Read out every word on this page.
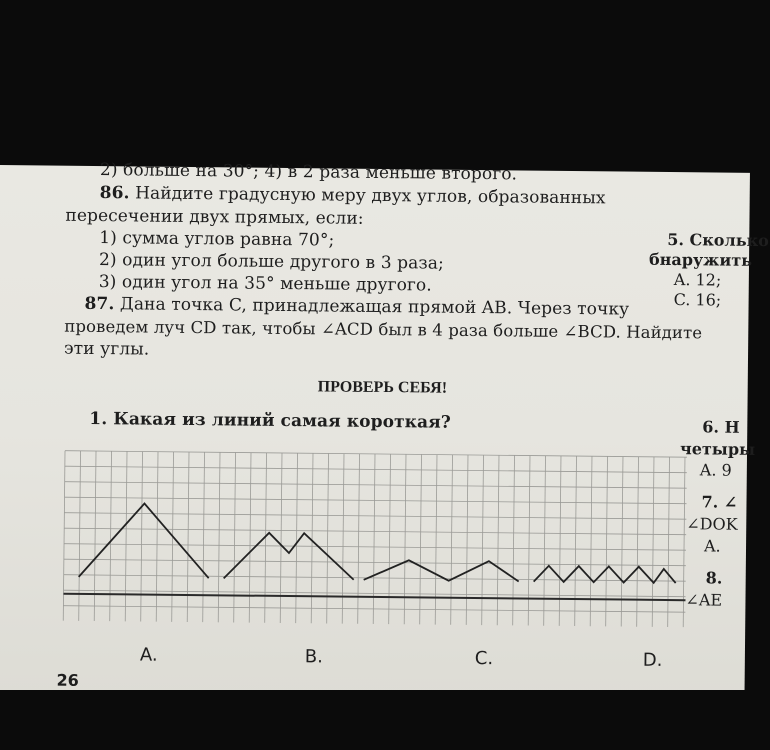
2) больше на 30°; 4) в 2 раза меньше второго.
86. Найдите градусную меру двух углов, образованных
пересечении двух прямых, если:
1) сумма углов равна 70°;
2) один угол больше другого в 3 раза;
3) один угол на 35° меньше другого.
87. Дана точка C, принадлежащая прямой AB. Через точку
проведем луч CD так, чтобы ∠ACD был в 4 раза больше ∠BCD. Найдите
эти углы.
ПРОВЕРЬ СЕБЯ!
1. Какая из линий самая короткая?
5. Сколько
бнаружить
A. 12;
C. 16;
6. Н
четыры
A. 9
7. ∠
∠DOK
A.
8.
∠AE
A.	B.	C.	D.
26
